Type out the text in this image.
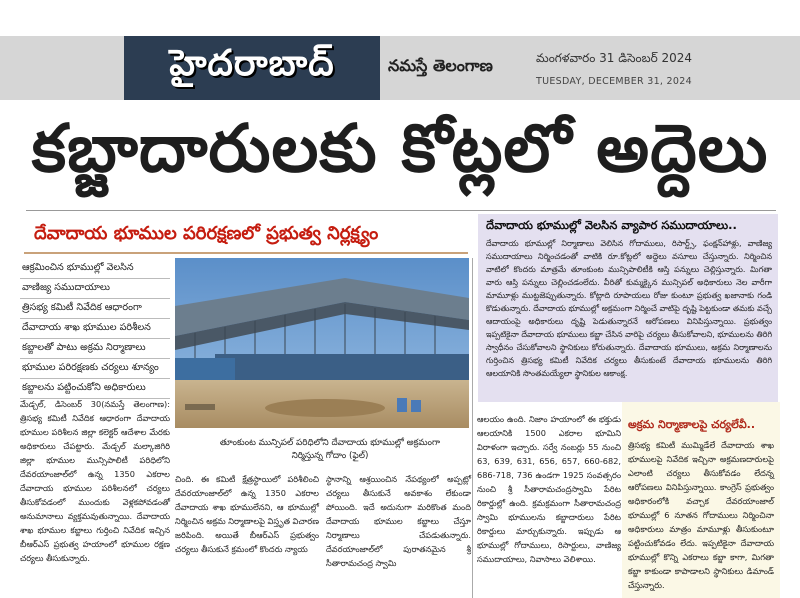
హైదరాబాద్	నమస్తే తెలంగాణ	మంగళవారం 31 డిసెంబర్ 2024
TUESDAY, DECEMBER 31, 2024
కబ్జాదారులకు కోట్లలో అద్దెలు
దేవాదాయ భూముల పరిరక్షణలో ప్రభుత్వ నిర్లక్ష్యం
ఆక్రమించిన భూముల్లో వెలసిన
వాణిజ్య సముదాయాలు
త్రిసభ్య కమిటీ నివేదిక ఆధారంగా
దేవాదాయ శాఖ భూముల పరిశీలన
కబ్జాలతో పాటు అక్రమ నిర్మాణాలు
భూముల పరిరక్షణకు చర్యలు శూన్యం
కబ్జాలను పట్టించుకోని అధికారులు
తూంకుంట మున్సిపల్ పరిధిలోని దేవాదాయ భూముల్లో అక్రమంగా నిర్మిస్తున్న గోదాం (ఫైల్)
మేడ్చల్, డిసెంబర్ 30(నమస్తే తెలంగాణ): త్రిసభ్య కమిటీ నివేదిక ఆధారంగా దేవాదాయ భూముల పరిశీలన జిల్లా కలెక్టర్ ఆదేశాల మేరకు అధికారులు చేపట్టారు. మేడ్చల్ మల్కాజిగిరి జిల్లా భూముల మున్సిపాలిటీ పరిధిలోని దేవరయాంజాల్‌లో ఉన్న 1350 ఎకరాల దేవాదాయ భూముల పరిశీలనలో చర్యలు తీసుకోవడంలో ముందుకు వెళ్లకపోవడంతో అనుమానాలు వ్యక్తమవుతున్నాయి. దేవాదాయ శాఖ భూముల కబ్జాలు గుర్తించి నివేదిక ఇచ్చిన బీఆర్ఎస్ ప్రభుత్వ హయాంలో భూముల రక్షణ చర్యలు తీసుకున్నారు.
చింది. ఈ కమిటీ క్షేత్రస్థాయిలో పరిశీలించి దేవరయాంజాల్‌లో ఉన్న 1350 ఎకరాల దేవాదాయ శాఖ భూములేనని, ఆ భూముల్లో నిర్మించిన అక్రమ నిర్మాణాలపై విస్తృత విచారణ జరిపింది. అయితే బీఆర్ఎస్ ప్రభుత్వం చర్యలు తీసుకునే క్రమంలో కొందరు న్యాయ
స్థానాన్ని ఆశ్రయించిన నేపథ్యంలో అప్పట్లో చర్యలు తీసుకునే అవకాశం లేకుండా పోయింది. ఇదే అదునుగా మరికొంత మంది దేవాదాయ భూముల కబ్జాలు చేస్తూ నిర్మాణాలు చేపడుతున్నారు. దేవరయాంజాల్‌లో పురాతనమైన శ్రీ సీతారామచంద్ర స్వామి
దేవాదాయ భూముల్లో వెలసిన వ్యాపార సముదాయాలు..
దేవాదాయ భూముల్లో నిర్మాణాలు వెలిసిన గోదాములు, రిసార్ట్స్, ఫంక్షన్‌హాళ్లు, వాణిజ్య సముదాయాలు నిర్మించడంతో వాటికి రూ.కోట్లలో అద్దెలు వసూలు చేస్తున్నారు. నిర్మించిన వాటిలో కొందరు మాత్రమే తూంకుంట మున్సిపాలిటీకి ఆస్తి పన్నులు చెల్లిస్తున్నారు. మిగతా వారు ఆస్తి పన్నులు చెల్లించడంలేదు. వీరితో కుమ్మక్కైన మున్సిపల్ అధికారులు నెల వారీగా మామూళ్లు ముట్టజెప్పుతున్నారు. కోట్లాది రూపాయలు రోజు కుంటూ ప్రభుత్వ ఖజానాకు గండి కొడుతున్నారు. దేవాదాయ భూముల్లో అక్రమంగా నిర్మించే వాటిపై దృష్టి పెట్టకుండా తమకు వచ్చే ఆదాయంపై అధికారులు దృష్టి పెడుతున్నారనే ఆరోపణలు వినిపిస్తున్నాయి. ప్రభుత్వం ఇప్పటికైనా దేవాదాయ భూములు కబ్జా చేసిన వారిపై చర్యలు తీసుకోవాలని, భూములను తిరిగి స్వాధీనం చేసుకోవాలని స్థానికులు కోరుతున్నారు. దేవాదాయ భూములు, అక్రమ నిర్మాణాలను గుర్తించిన త్రిసభ్య కమిటీ నివేదిక చర్యలు తీసుకుంటే దేవాదాయ భూములను తిరిగి ఆలయానికి సొంతమయ్యేలా స్థానికుల ఆకాంక్ష.
ఆలయం ఉంది. నిజాం హయాంలో ఈ భక్తుడు ఆలయానికి 1500 ఎకరాల భూమిని విరాళంగా ఇచ్చారు. సర్వే నంబర్లు 55 నుంచి 63, 639, 631, 656, 657, 660-682, 686-718, 736 ఉండగా 1925 సంవత్సరం నుంచి శ్రీ సీతారామచంద్రస్వామి పేరిట రికార్డుల్లో ఉంది. క్రమక్రమంగా సీతారామచంద్ర స్వామి భూములను కబ్జాదారులు పేరిట రికార్డులు మార్చుకున్నారు. ఇప్పుడు ఆ భూముల్లో గోదాములు, రిసార్టులు, వాణిజ్య సముదాయాలు, నివాసాలు వెలిశాయి.
అక్రమ నిర్మాణాలపై చర్యలేవీ..
త్రిసభ్య కమిటీ ముమ్మిడేలే దేవాదాయ శాఖ భూములపై నివేదిక ఇచ్చినా అక్రమణదారులపై ఎలాంటి చర్యలు తీసుకోవడం లేదన్న ఆరోపణలు వినిపిస్తున్నాయి. కాంగ్రెస్ ప్రభుత్వం అధికారంలోకి వచ్చాక దేవరయాంజాల్ భూముల్లో 6 నూతన గోదాములు నిర్మించినా అధికారులు మాత్రం మామూళ్లు తీసుకుంటూ పట్టించుకోవడం లేదు. ఇప్పటికైనా దేవాదాయ భూముల్లో కొన్ని ఎకరాలు కబ్జా కాగా, మిగతా కబ్జా కాకుండా కాపాడాలని స్థానికులు డిమాండ్ చేస్తున్నారు.
